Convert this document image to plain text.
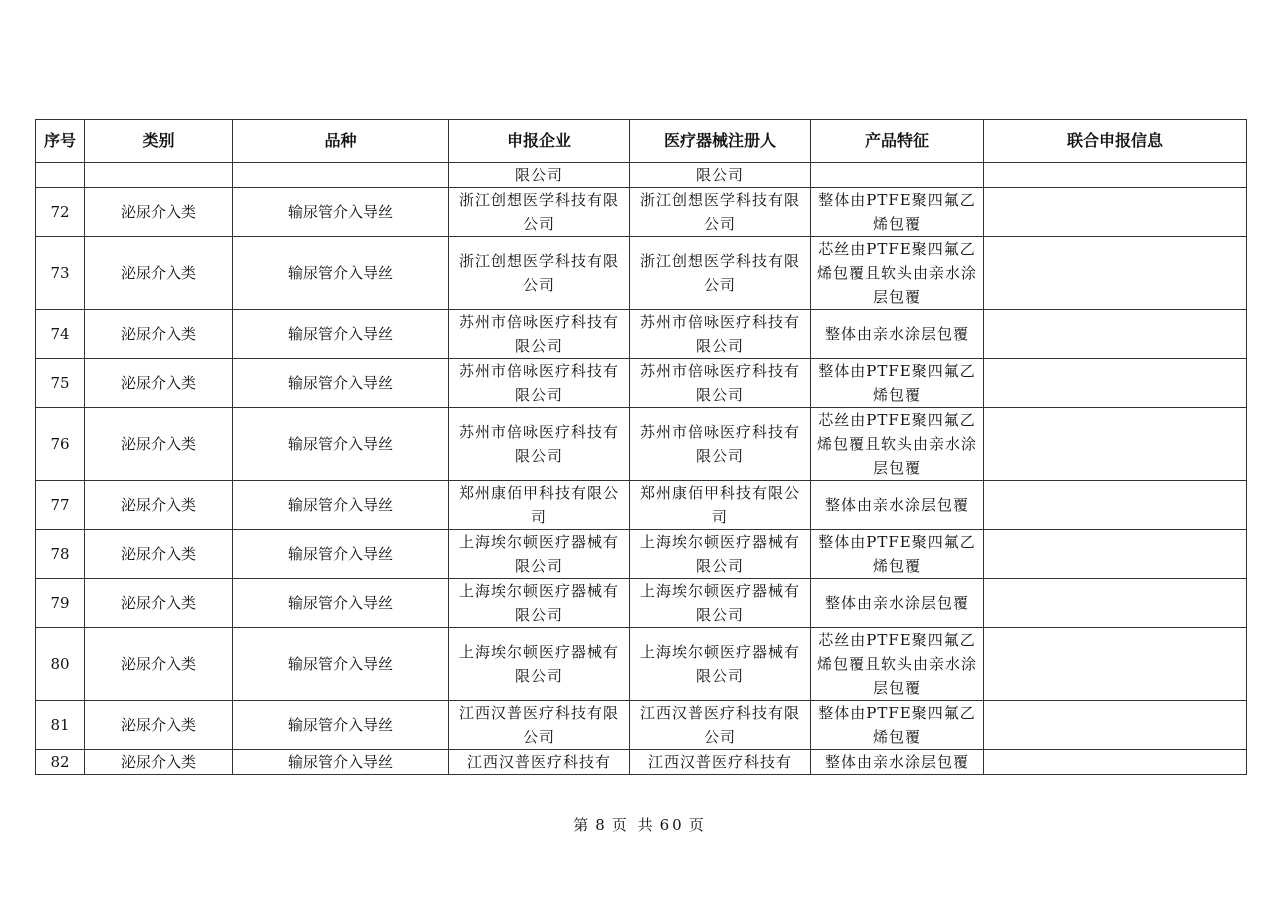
序号	类别	品种	申报企业	医疗器械注册人	产品特征	联合申报信息
			限公司	限公司		
72	泌尿介入类	输尿管介入导丝	浙江创想医学科技有限公司	浙江创想医学科技有限公司	整体由PTFE聚四氟乙烯包覆	
73	泌尿介入类	输尿管介入导丝	浙江创想医学科技有限公司	浙江创想医学科技有限公司	芯丝由PTFE聚四氟乙烯包覆且软头由亲水涂层包覆	
74	泌尿介入类	输尿管介入导丝	苏州市倍咏医疗科技有限公司	苏州市倍咏医疗科技有限公司	整体由亲水涂层包覆	
75	泌尿介入类	输尿管介入导丝	苏州市倍咏医疗科技有限公司	苏州市倍咏医疗科技有限公司	整体由PTFE聚四氟乙烯包覆	
76	泌尿介入类	输尿管介入导丝	苏州市倍咏医疗科技有限公司	苏州市倍咏医疗科技有限公司	芯丝由PTFE聚四氟乙烯包覆且软头由亲水涂层包覆	
77	泌尿介入类	输尿管介入导丝	郑州康佰甲科技有限公司	郑州康佰甲科技有限公司	整体由亲水涂层包覆	
78	泌尿介入类	输尿管介入导丝	上海埃尔顿医疗器械有限公司	上海埃尔顿医疗器械有限公司	整体由PTFE聚四氟乙烯包覆	
79	泌尿介入类	输尿管介入导丝	上海埃尔顿医疗器械有限公司	上海埃尔顿医疗器械有限公司	整体由亲水涂层包覆	
80	泌尿介入类	输尿管介入导丝	上海埃尔顿医疗器械有限公司	上海埃尔顿医疗器械有限公司	芯丝由PTFE聚四氟乙烯包覆且软头由亲水涂层包覆	
81	泌尿介入类	输尿管介入导丝	江西汉普医疗科技有限公司	江西汉普医疗科技有限公司	整体由PTFE聚四氟乙烯包覆	
82	泌尿介入类	输尿管介入导丝	江西汉普医疗科技有	江西汉普医疗科技有	整体由亲水涂层包覆	
第 8 页 共 60 页
